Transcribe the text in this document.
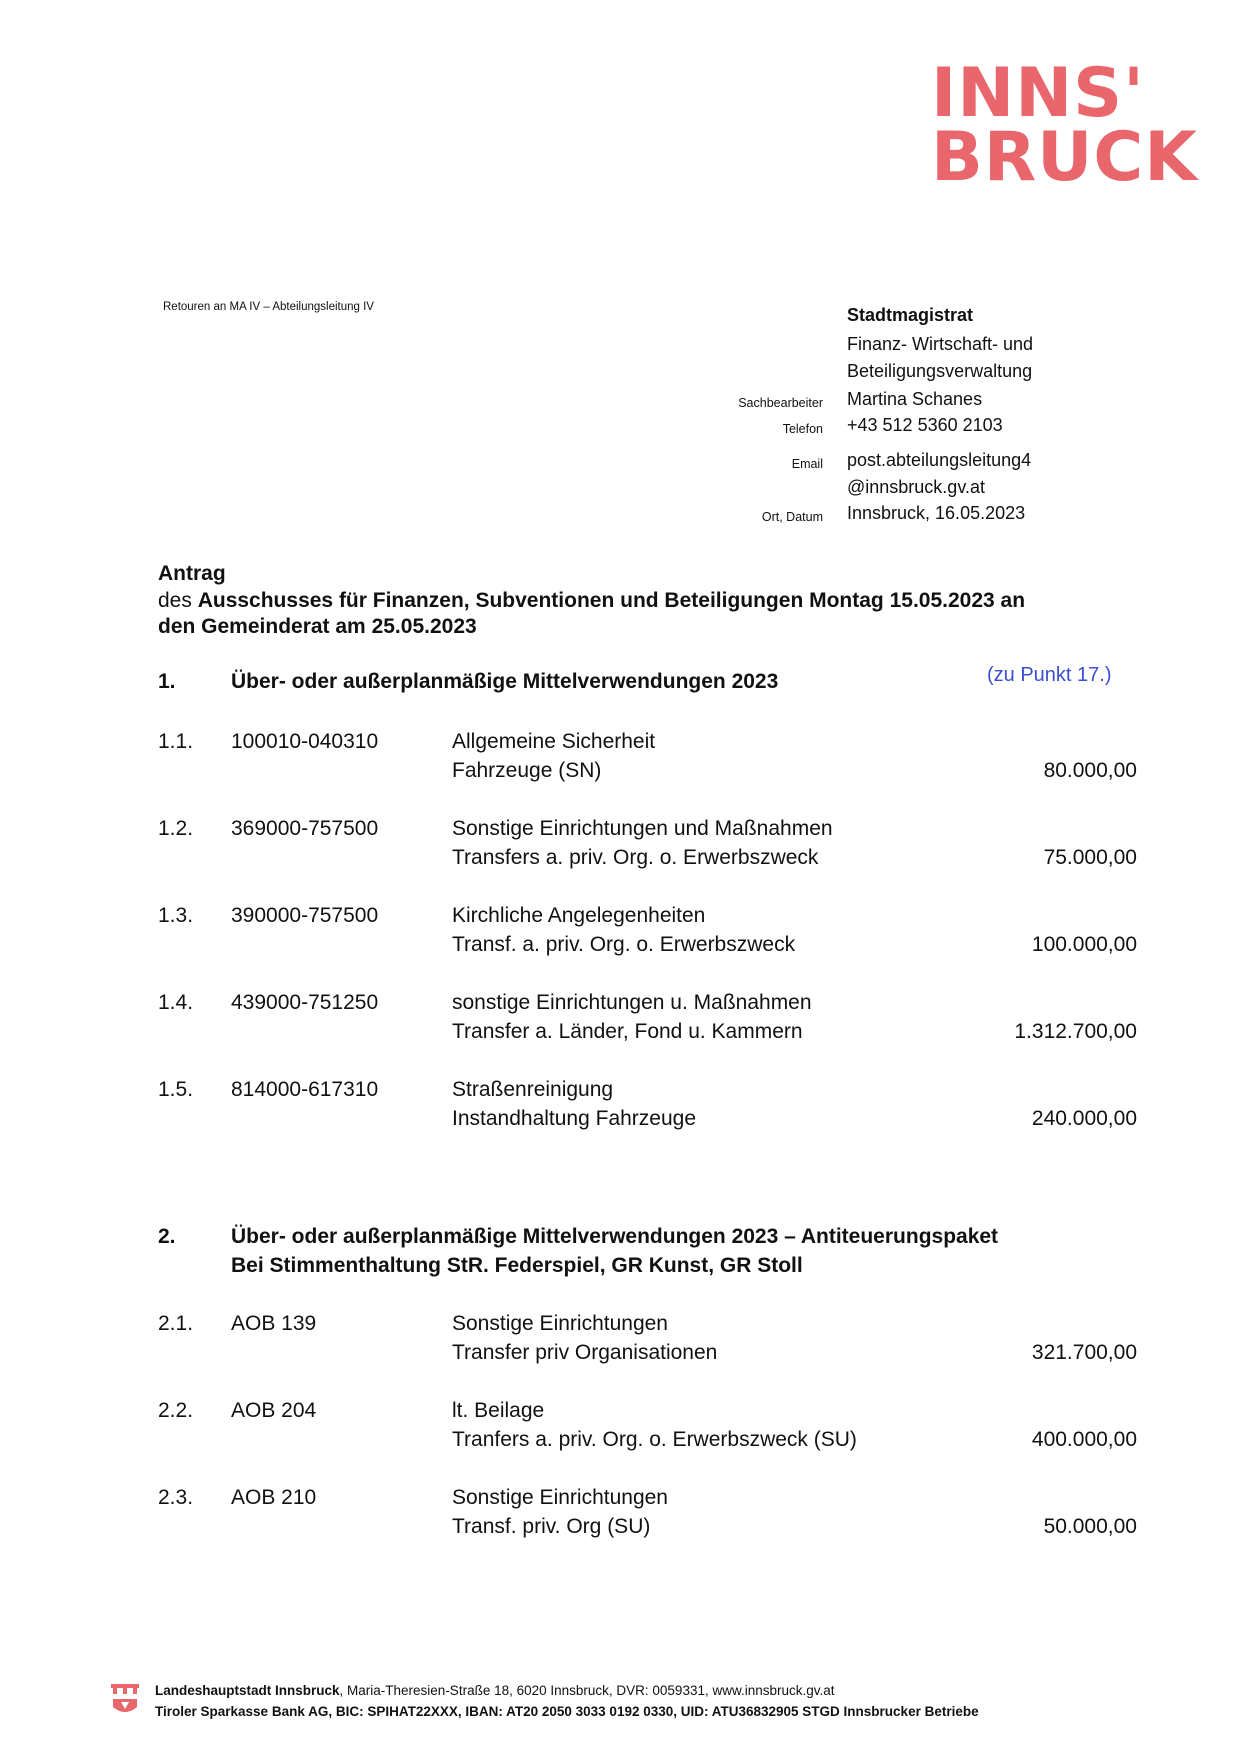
INNS'
BRUCK
Retouren an MA IV – Abteilungsleitung IV	Stadtmagistrat
Finanz- Wirtschaft- und
Beteiligungsverwaltung
Sachbearbeiter Martina Schanes
Telefon +43 512 5360 2103
Email post.abteilungsleitung4
@innsbruck.gv.at
Ort, Datum Innsbruck, 16.05.2023
Antrag
des Ausschusses für Finanzen, Subventionen und Beteiligungen Montag 15.05.2023 an
den Gemeinderat am 25.05.2023
1.	Über- oder außerplanmäßige Mittelverwendungen 2023	(zu Punkt 17.)
1.1. 100010-040310	Allgemeine Sicherheit
Fahrzeuge (SN)	80.000,00
1.2. 369000-757500	Sonstige Einrichtungen und Maßnahmen
Transfers a. priv. Org. o. Erwerbszweck	75.000,00
1.3. 390000-757500	Kirchliche Angelegenheiten
Transf. a. priv. Org. o. Erwerbszweck	100.000,00
1.4. 439000-751250	sonstige Einrichtungen u. Maßnahmen
Transfer a. Länder, Fond u. Kammern	1.312.700,00
1.5. 814000-617310	Straßenreinigung
Instandhaltung Fahrzeuge	240.000,00
2.	Über- oder außerplanmäßige Mittelverwendungen 2023 – Antiteuerungspaket
Bei Stimmenthaltung StR. Federspiel, GR Kunst, GR Stoll
2.1. AOB 139	Sonstige Einrichtungen
Transfer priv Organisationen	321.700,00
2.2. AOB 204	lt. Beilage
Tranfers a. priv. Org. o. Erwerbszweck (SU)	400.000,00
2.3. AOB 210	Sonstige Einrichtungen
Transf. priv. Org (SU)	50.000,00
Landeshauptstadt Innsbruck, Maria-Theresien-Straße 18, 6020 Innsbruck, DVR: 0059331, www.innsbruck.gv.at
Tiroler Sparkasse Bank AG, BIC: SPIHAT22XXX, IBAN: AT20 2050 3033 0192 0330, UID: ATU36832905 STGD Innsbrucker Betriebe
